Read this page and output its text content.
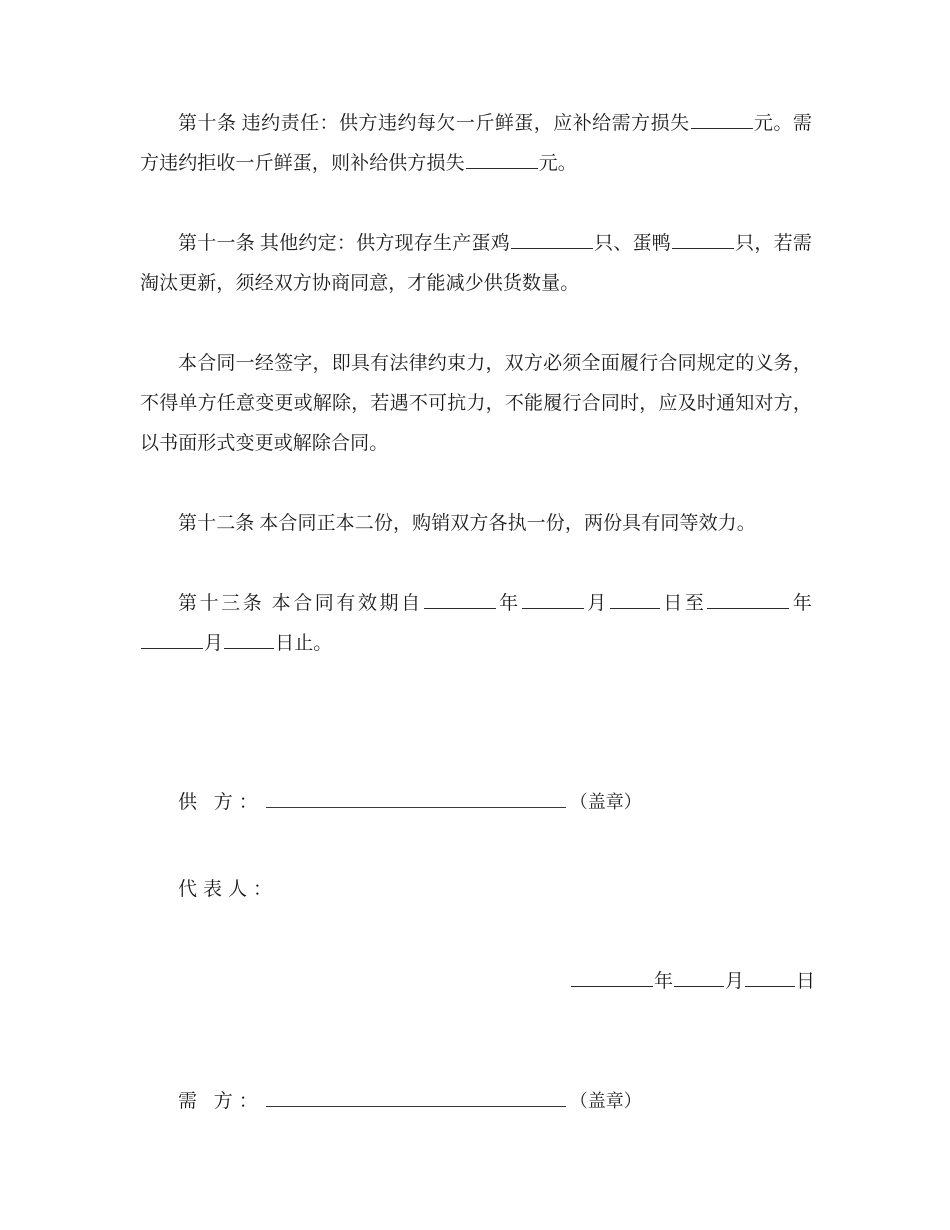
第十条 违约责任：供方违约每欠一斤鲜蛋，应补给需方损失	元。需方违约拒收一斤鲜蛋，则补给供方损失	元。

第十一条 其他约定：供方现存生产蛋鸡	只、蛋鸭	只，若需淘汰更新，须经双方协商同意，才能减少供货数量。

本合同一经签字，即具有法律约束力，双方必须全面履行合同规定的义务，不得单方任意变更或解除，若遇不可抗力，不能履行合同时，应及时通知对方，以书面形式变更或解除合同。

第十二条 本合同正本二份，购销双方各执一份，两份具有同等效力。

第十三条 本合同有效期自	年	月	日至	年月	日止。

供 方：	（盖章）
代表人：
年	月	日
需 方：	（盖章）
